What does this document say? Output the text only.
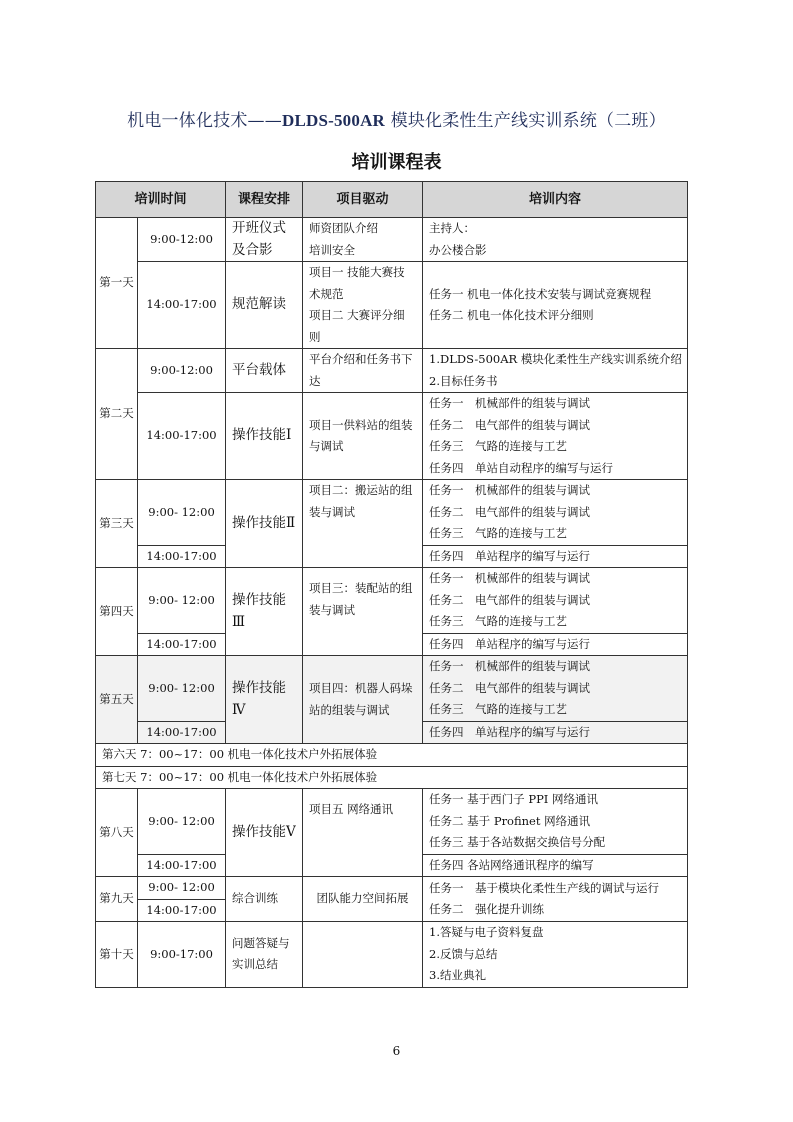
机电一体化技术——DLDS-500AR 模块化柔性生产线实训系统（二班）
培训课程表
培训时间		课程安排	项目驱动	培训内容
第一天	9:00-12:00	开班仪式及合影	师资团队介绍
培训安全	主持人：
办公楼合影
	14:00-17:00	规范解读	项目一 技能大赛技术规范
项目二 大赛评分细则	任务一 机电一体化技术安装与调试竞赛规程
任务二 机电一体化技术评分细则
第二天	9:00-12:00	平台载体	平台介绍和任务书下达	1.DLDS-500AR 模块化柔性生产线实训系统介绍
2.目标任务书
	14:00-17:00	操作技能Ⅰ	项目一供料站的组装与调试	任务一　机械部件的组装与调试
任务二　电气部件的组装与调试
任务三　气路的连接与工艺
任务四　单站自动程序的编写与运行
第三天	9:00- 12:00	操作技能Ⅱ	项目二：搬运站的组装与调试	任务一　机械部件的组装与调试
任务二　电气部件的组装与调试
任务三　气路的连接与工艺
	14:00-17:00			任务四　单站程序的编写与运行
第四天	9:00- 12:00	操作技能Ⅲ	项目三：装配站的组装与调试	任务一　机械部件的组装与调试
任务二　电气部件的组装与调试
任务三　气路的连接与工艺
	14:00-17:00			任务四　单站程序的编写与运行
第五天	9:00- 12:00	操作技能Ⅳ	项目四：机器人码垛站的组装与调试	任务一　机械部件的组装与调试
任务二　电气部件的组装与调试
任务三　气路的连接与工艺
	14:00-17:00			任务四　单站程序的编写与运行
第六天 7：00~17：00 机电一体化技术户外拓展体验				
第七天 7：00~17：00 机电一体化技术户外拓展体验				
第八天	9:00- 12:00	操作技能Ⅴ	项目五 网络通讯	任务一 基于西门子 PPI 网络通讯
任务二 基于 Profinet 网络通讯
任务三 基于各站数据交换信号分配
	14:00-17:00			任务四 各站网络通讯程序的编写
第九天	9:00- 12:00	综合训练	团队能力空间拓展	任务一　基于模块化柔性生产线的调试与运行
任务二　强化提升训练
	14:00-17:00			
第十天	9:00-17:00	问题答疑与实训总结		1.答疑与电子资料复盘
2.反馈与总结
3.结业典礼
6
